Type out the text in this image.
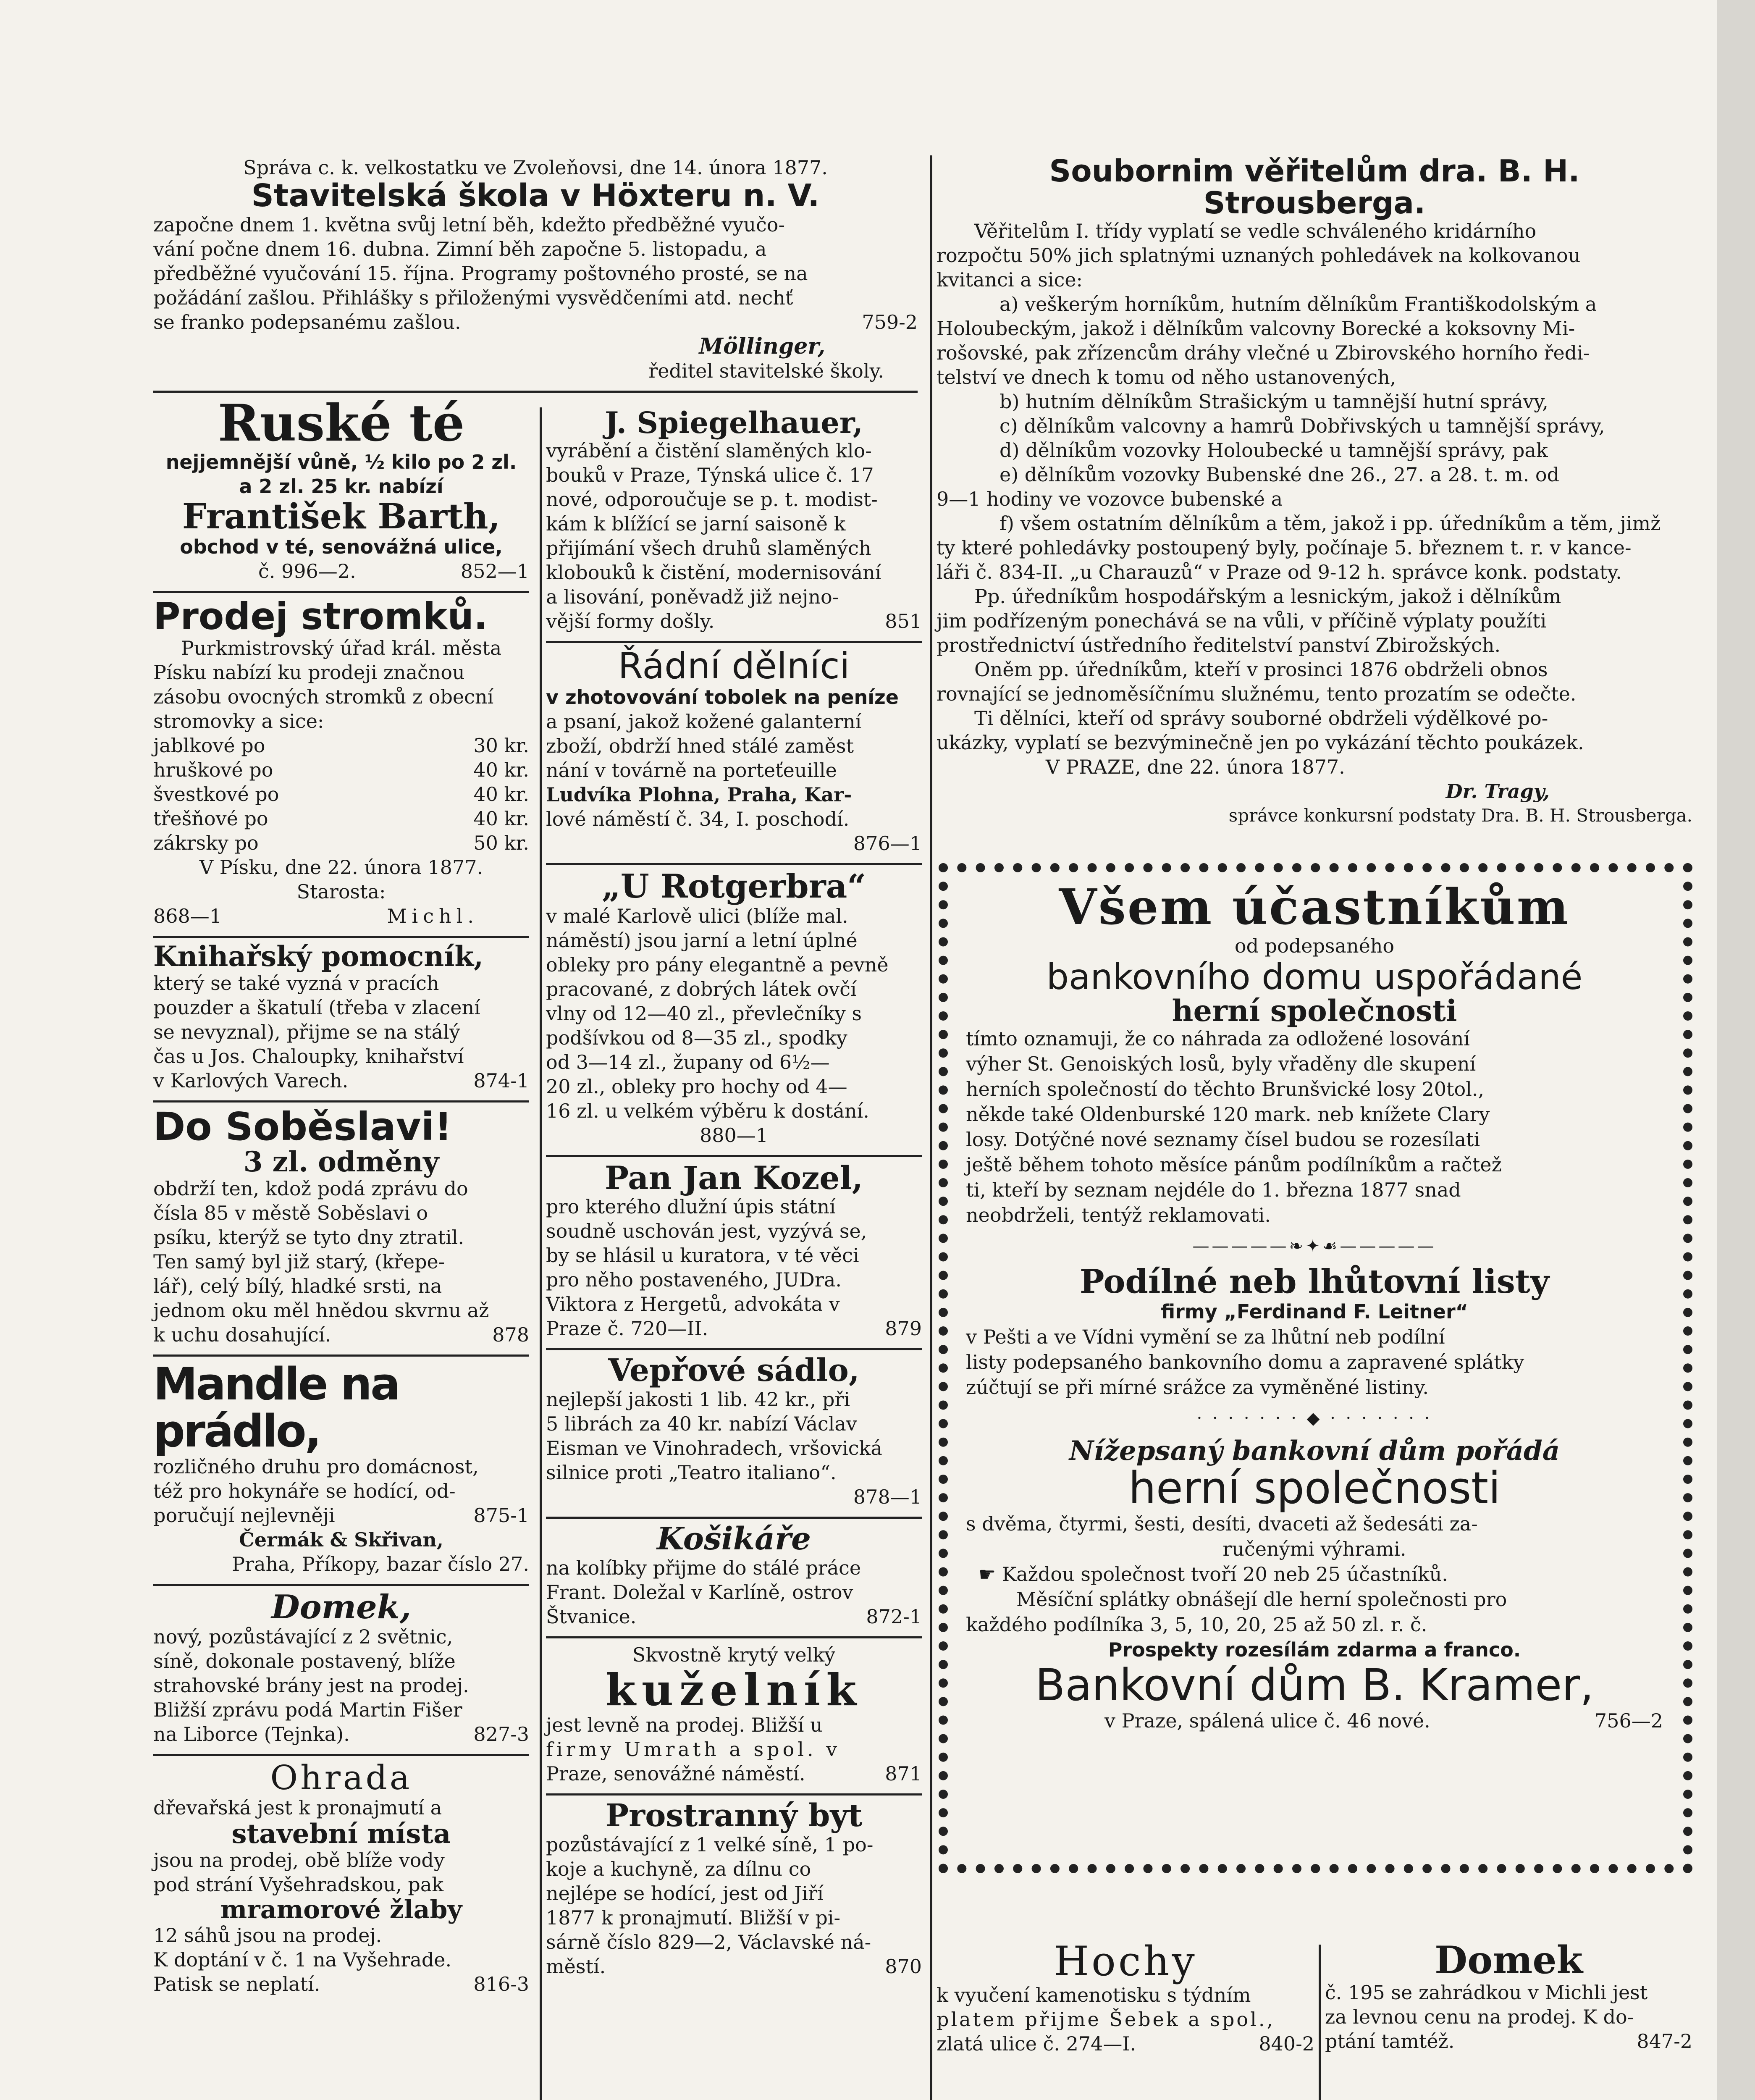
Správa c. k. velkostatku ve Zvoleňovsi, dne 14. února 1877.
Stavitelská škola v Höxteru n. V.
započne dnem 1. května svůj letní běh, kdežto předběžné vyučo-
vání počne dnem 16. dubna. Zimní běh započne 5. listopadu, a
předběžné vyučování 15. října. Programy poštovného prosté, se na
požádání zašlou. Přihlášky s přiloženými vysvědčeními atd. nechť
se franko podepsanému zašlou.	759-2
Möllinger,
ředitel stavitelské školy.
Ruské té
nejjemnější vůně, ½ kilo po 2 zl.
a 2 zl. 25 kr. nabízí
František Barth,
obchod v té, senovážná ulice,
č. 996—2.	852—1
Prodej stromků.
Purkmistrovský úřad král. města
Písku nabízí ku prodeji značnou
zásobu ovocných stromků z obecní
stromovky a sice:
jablkové po	30 kr.
hruškové po	40 kr.
švestkové po	40 kr.
třešňové po	40 kr.
zákrsky po	50 kr.
V Písku, dne 22. února 1877.
Starosta:
868—1	Michl.
Knihařský pomocník,
který se také vyzná v pracích
pouzder a škatulí (třeba v zlacení
se nevyznal), přijme se na stálý
čas u Jos. Chaloupky, knihařství
v Karlových Varech.	874-1
Do Soběslavi!
3 zl. odměny
obdrží ten, kdož podá zprávu do
čísla 85 v městě Soběslavi o
psíku, kterýž se tyto dny ztratil.
Ten samý byl již starý, (křepe-
lář), celý bílý, hladké srsti, na
jednom oku měl hnědou skvrnu až
k uchu dosahující.	878
Mandle na prádlo,
rozličného druhu pro domácnost,
též pro hokynáře se hodící, od-
poručují nejlevněji	875-1
Čermák & Skřivan,
Praha, Příkopy, bazar číslo 27.
Domek,
nový, pozůstávající z 2 světnic,
síně, dokonale postavený, blíže
strahovské brány jest na prodej.
Bližší zprávu podá Martin Fišer
na Liborce (Tejnka).	827-3
Ohrada
dřevařská jest k pronajmutí a
stavební místa
jsou na prodej, obě blíže vody
pod strání Vyšehradskou, pak
mramorové žlaby
12 sáhů jsou na prodej.
K doptání v č. 1 na Vyšehrade.
Patisk se neplatí.	816-3
J. Spiegelhauer,
vyrábění a čistění slaměných klo-
bouků v Praze, Týnská ulice č. 17
nové, odporoučuje se p. t. modist-
kám k blížící se jarní saisoně k
přijímání všech druhů slaměných
klobouků k čistění, modernisování
a lisování, poněvadž již nejno-
vější formy došly.	851
Řádní dělníci
v zhotovování tobolek na peníze
a psaní, jakož kožené galanterní
zboží, obdrží hned stálé zaměst
nání v továrně na porteťeuille
Ludvíka Plohna, Praha, Kar-
lové náměstí č. 34, I. poschodí.
876—1
„U Rotgerbra“
v malé Karlově ulici (blíže mal.
náměstí) jsou jarní a letní úplné
obleky pro pány elegantně a pevně
pracované, z dobrých látek ovčí
vlny od 12—40 zl., převlečníky s
podšívkou od 8—35 zl., spodky
od 3—14 zl., župany od 6½—
20 zl., obleky pro hochy od 4—
16 zl. u velkém výběru k dostání.
880—1
Pan Jan Kozel,
pro kterého dlužní úpis státní
soudně uschován jest, vyzývá se,
by se hlásil u kuratora, v té věci
pro něho postaveného, JUDra.
Viktora z Hergetů, advokáta v
Praze č. 720—II.	879
Vepřové sádlo,
nejlepší jakosti 1 lib. 42 kr., při
5 librách za 40 kr. nabízí Václav
Eisman ve Vinohradech, vršovická
silnice proti „Teatro italiano“.
878—1
Košikáře
na kolíbky přijme do stálé práce
Frant. Doležal v Karlíně, ostrov
Štvanice.	872-1
Skvostně krytý velký
kuželník
jest levně na prodej. Bližší u
firmy Umrath a spol. v
Praze, senovážné náměstí.	871
Prostranný byt
pozůstávající z 1 velké síně, 1 po-
koje a kuchyně, za dílnu co
nejlépe se hodící, jest od Jiří
1877 k pronajmutí. Bližší v pi-
sárně číslo 829—2, Václavské ná-
městí.	870
Soubornim věřitelům dra. B. H. Strousberga.
Věřitelům I. třídy vyplatí se vedle schváleného kridárního
rozpočtu 50% jich splatnými uznaných pohledávek na kolkovanou
kvitanci a sice:
a) veškerým horníkům, hutním dělníkům Františkodolským a
Holoubeckým, jakož i dělníkům valcovny Borecké a koksovny Mi-
rošovské, pak zřízencům dráhy vlečné u Zbirovského horního ředi-
telství ve dnech k tomu od něho ustanovených,
b) hutním dělníkům Strašickým u tamnější hutní správy,
c) dělníkům valcovny a hamrů Dobřivských u tamnější správy,
d) dělníkům vozovky Holoubecké u tamnější správy, pak
e) dělníkům vozovky Bubenské dne 26., 27. a 28. t. m. od
9—1 hodiny ve vozovce bubenské a
f) všem ostatním dělníkům a těm, jakož i pp. úředníkům a těm, jimž
ty které pohledávky postoupený byly, počínaje 5. březnem t. r. v kance-
láři č. 834-II. „u Charauzů“ v Praze od 9-12 h. správce konk. podstaty.
Pp. úředníkům hospodářským a lesnickým, jakož i dělníkům
jim podřízeným ponechává se na vůli, v příčině výplaty použíti
prostřednictví ústředního ředitelství panství Zbirožských.
Oněm pp. úředníkům, kteří v prosinci 1876 obdrželi obnos
rovnající se jednoměsíčnímu služnému, tento prozatím se odečte.
Ti dělníci, kteří od správy souborné obdrželi výdělkové po-
ukázky, vyplatí se bezvýminečně jen po vykázání těchto poukázek.
V PRAZE, dne 22. února 1877.
Dr. Tragy,
správce konkursní podstaty Dra. B. H. Strousberga.
Všem účastníkům
od podepsaného
bankovního domu uspořádané
herní společnosti
tímto oznamuji, že co náhrada za odložené losování
výher St. Genoiských losů, byly vřaděny dle skupení
herních společností do těchto Brunšvické losy 20tol.,
někde také Oldenburské 120 mark. neb knížete Clary
losy. Dotýčné nové seznamy čísel budou se rozesílati
ještě během tohoto měsíce pánům podílníkům a račtež
ti, kteří by seznam nejdéle do 1. března 1877 snad
neobdrželi, tentýž reklamovati.
—————❧✦☙—————
Podílné neb lhůtovní listy
firmy „Ferdinand F. Leitner“
v Pešti a ve Vídni vymění se za lhůtní neb podílní
listy podepsaného bankovního domu a zapravené splátky
zúčtují se při mírné srážce za vyměněné listiny.
· · · · · · · ◆ · · · · · · ·
Nížepsaný bankovní dům pořádá
herní společnosti
s dvěma, čtyrmi, šesti, desíti, dvaceti až šedesáti za-
ručenými výhrami.
☛ Každou společnost tvoří 20 neb 25 účastníků.
Měsíční splátky obnášejí dle herní společnosti pro
každého podílníka 3, 5, 10, 20, 25 až 50 zl. r. č.
Prospekty rozesílám zdarma a franco.
Bankovní dům B. Kramer,
v Praze, spálená ulice č. 46 nové.	756—2
Hochy
k vyučení kamenotisku s týdním
platem přijme Šebek a spol.,
zlatá ulice č. 274—I.	840-2
Domek
č. 195 se zahrádkou v Michli jest
za levnou cenu na prodej. K do-
ptání tamtéž.	847-2
